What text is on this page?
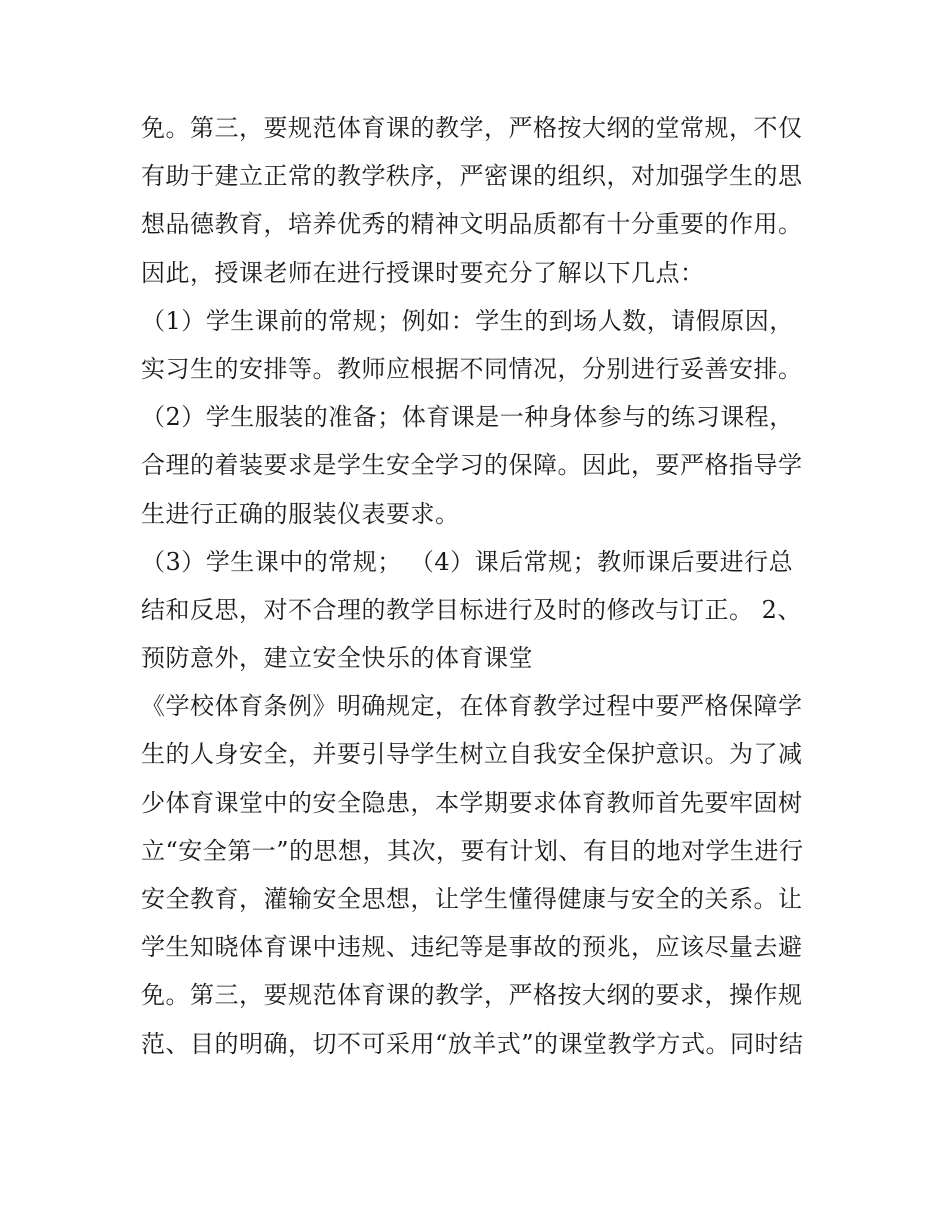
免。第三，要规范体育课的教学，严格按大纲的堂常规，不仅
有助于建立正常的教学秩序，严密课的组织，对加强学生的思
想品德教育，培养优秀的精神文明品质都有十分重要的作用。
因此，授课老师在进行授课时要充分了解以下几点：
（1）学生课前的常规；例如：学生的到场人数，请假原因，
实习生的安排等。教师应根据不同情况，分别进行妥善安排。
（2）学生服装的准备；体育课是一种身体参与的练习课程，
合理的着装要求是学生安全学习的保障。因此，要严格指导学
生进行正确的服装仪表要求。
（3）学生课中的常规； （4）课后常规；教师课后要进行总
结和反思，对不合理的教学目标进行及时的修改与订正。 2、
预防意外，建立安全快乐的体育课堂
《学校体育条例》明确规定，在体育教学过程中要严格保障学
生的人身安全，并要引导学生树立自我安全保护意识。为了减
少体育课堂中的安全隐患，本学期要求体育教师首先要牢固树
立“安全第一”的思想，其次，要有计划、有目的地对学生进行
安全教育，灌输安全思想，让学生懂得健康与安全的关系。让
学生知晓体育课中违规、违纪等是事故的预兆，应该尽量去避
免。第三，要规范体育课的教学，严格按大纲的要求，操作规
范、目的明确，切不可采用“放羊式”的课堂教学方式。同时结
